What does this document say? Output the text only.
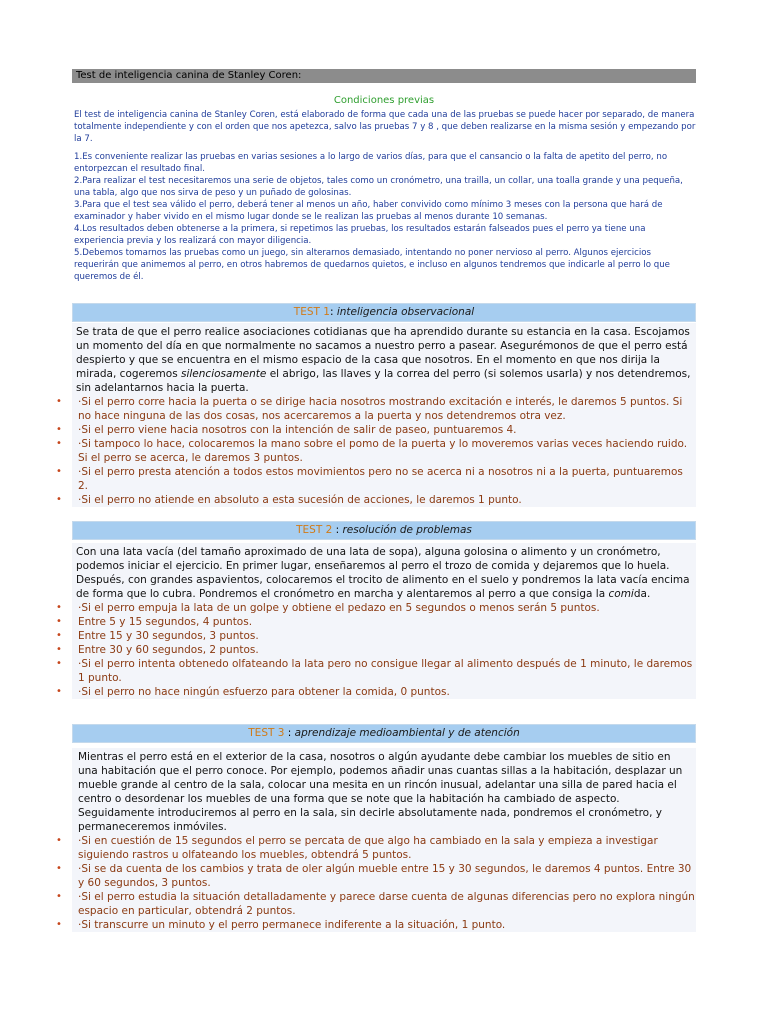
Test de inteligencia canina de Stanley Coren:
Condiciones previas

El test de inteligencia canina de Stanley Coren, está elaborado de forma que cada una de las pruebas se puede hacer por separado, de manera totalmente independiente y con el orden que nos apetezca, salvo las pruebas 7 y 8 , que deben realizarse en la misma sesión y empezando por la 7.

1.Es conveniente realizar las pruebas en varias sesiones a lo largo de varios días, para que el cansancio o la falta de apetito del perro, no entorpezcan el resultado final.
2.Para realizar el test necesitaremos una serie de objetos, tales como un cronómetro, una trailla, un collar, una toalla grande y una pequeña, una tabla, algo que nos sirva de peso y un puñado de golosinas.
3.Para que el test sea válido el perro, deberá tener al menos un año, haber convivido como mínimo 3 meses con la persona que hará de examinador y haber vivido en el mismo lugar donde se le realizan las pruebas al menos durante 10 semanas.
4.Los resultados deben obtenerse a la primera, si repetimos las pruebas, los resultados estarán falseados pues el perro ya tiene una experiencia previa y los realizará con mayor diligencia.
5.Debemos tomarnos las pruebas como un juego, sin alterarnos demasiado, intentando no poner nervioso al perro. Algunos ejercicios requerirán que animemos al perro, en otros habremos de quedarnos quietos, e incluso en algunos tendremos que indicarle al perro lo que queremos de él.
TEST 1: inteligencia observacional

Se trata de que el perro realice asociaciones cotidianas que ha aprendido durante su estancia en la casa. Escojamos un momento del día en que normalmente no sacamos a nuestro perro a pasear. Asegurémonos de que el perro está despierto y que se encuentra en el mismo espacio de la casa que nosotros. En el momento en que nos dirija la mirada, cogeremos silenciosamente el abrigo, las llaves y la correa del perro (si solemos usarla) y nos detendremos, sin adelantarnos hacia la puerta.

• ·Si el perro corre hacia la puerta o se dirige hacia nosotros mostrando excitación e interés, le daremos 5 puntos. Si no hace ninguna de las dos cosas, nos acercaremos a la puerta y nos detendremos otra vez.
• ·Si el perro viene hacia nosotros con la intención de salir de paseo, puntuaremos 4.
• ·Si tampoco lo hace, colocaremos la mano sobre el pomo de la puerta y lo moveremos varias veces haciendo ruido. Si el perro se acerca, le daremos 3 puntos.
• ·Si el perro presta atención a todos estos movimientos pero no se acerca ni a nosotros ni a la puerta, puntuaremos 2.
• ·Si el perro no atiende en absoluto a esta sucesión de acciones, le daremos 1 punto.
TEST 2 : resolución de problemas

Con una lata vacía (del tamaño aproximado de una lata de sopa), alguna golosina o alimento y un cronómetro, podemos iniciar el ejercicio. En primer lugar, enseñaremos al perro el trozo de comida y dejaremos que lo huela. Después, con grandes aspavientos, colocaremos el trocito de alimento en el suelo y pondremos la lata vacía encima de forma que lo cubra. Pondremos el cronómetro en marcha y alentaremos al perro a que consiga la comida.

• ·Si el perro empuja la lata de un golpe y obtiene el pedazo en 5 segundos o menos serán 5 puntos.
• Entre 5 y 15 segundos, 4 puntos.
• Entre 15 y 30 segundos, 3 puntos.
• Entre 30 y 60 segundos, 2 puntos.
• ·Si el perro intenta obtenedo olfateando la lata pero no consigue llegar al alimento después de 1 minuto, le daremos 1 punto.
• ·Si el perro no hace ningún esfuerzo para obtener la comida, 0 puntos.
TEST 3 : aprendizaje medioambiental y de atención

Mientras el perro está en el exterior de la casa, nosotros o algún ayudante debe cambiar los muebles de sitio en una habitación que el perro conoce. Por ejemplo, podemos añadir unas cuantas sillas a la habitación, desplazar un mueble grande al centro de la sala, colocar una mesita en un rincón inusual, adelantar una silla de pared hacia el centro o desordenar los muebles de una forma que se note que la habitación ha cambiado de aspecto. Seguidamente introduciremos al perro en la sala, sin decirle absolutamente nada, pondremos el cronómetro, y permaneceremos inmóviles.

• ·Si en cuestión de 15 segundos el perro se percata de que algo ha cambiado en la sala y empieza a investigar siguiendo rastros u olfateando los muebles, obtendrá 5 puntos.
• ·Si se da cuenta de los cambios y trata de oler algún mueble entre 15 y 30 segundos, le daremos 4 puntos. Entre 30 y 60 segundos, 3 puntos.
• ·Si el perro estudia la situación detalladamente y parece darse cuenta de algunas diferencias pero no explora ningún espacio en particular, obtendrá 2 puntos.
• ·Si transcurre un minuto y el perro permanece indiferente a la situación, 1 punto.
